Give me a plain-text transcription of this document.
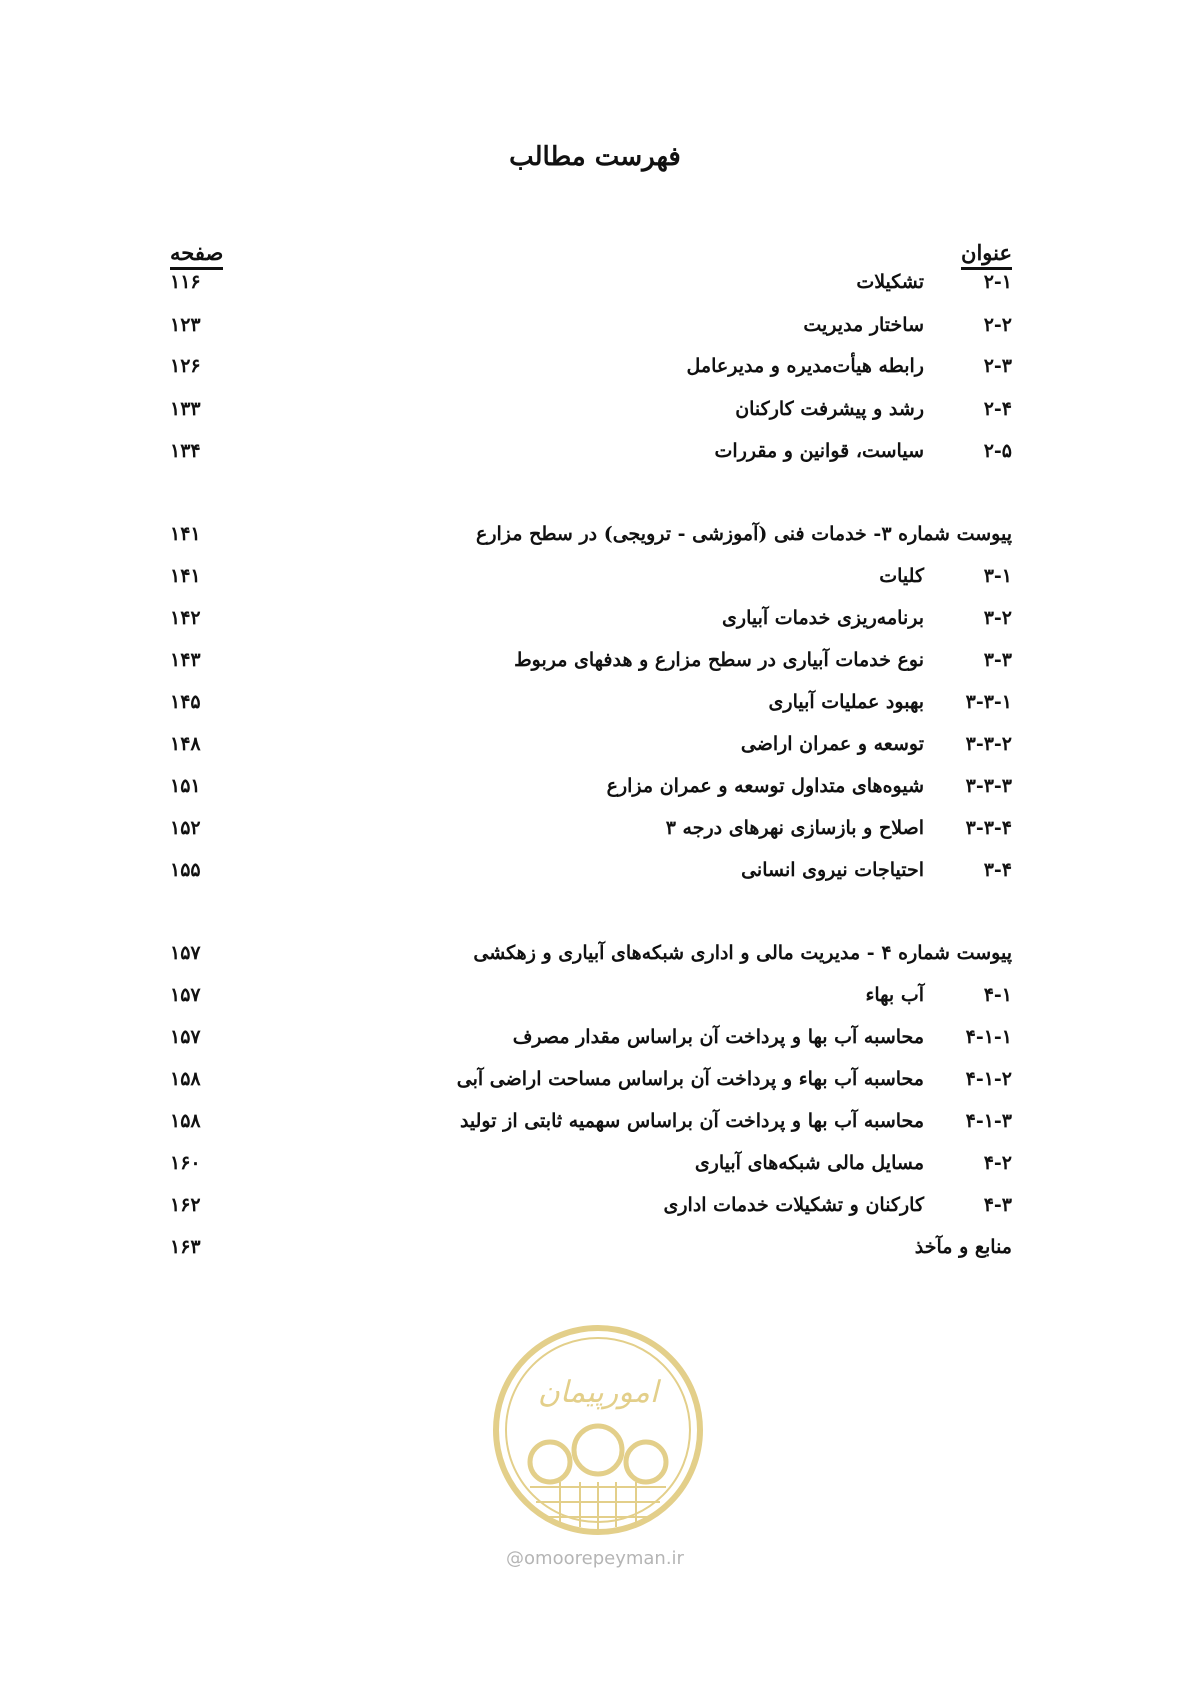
فهرست مطالب
عنوان
صفحه
۲-۱
تشکیلات
۱۱۶
۲-۲
ساختار مدیریت
۱۲۳
۲-۳
رابطه هیأت‌مدیره و مدیرعامل
۱۲۶
۲-۴
رشد و پیشرفت کارکنان
۱۳۳
۲-۵
سیاست، قوانین و مقررات
۱۳۴
پیوست شماره ۳- خدمات فنی (آموزشی - ترویجی) در سطح مزارع
۱۴۱
۳-۱
کلیات
۱۴۱
۳-۲
برنامه‌ریزی خدمات آبیاری
۱۴۲
۳-۳
نوع خدمات آبیاری در سطح مزارع و هدفهای مربوط
۱۴۳
۳-۳-۱
بهبود عملیات آبیاری
۱۴۵
۳-۳-۲
توسعه و عمران اراضی
۱۴۸
۳-۳-۳
شیوه‌های متداول توسعه و عمران مزارع
۱۵۱
۳-۳-۴
اصلاح و بازسازی نهرهای درجه ۳
۱۵۲
۳-۴
احتیاجات نیروی انسانی
۱۵۵
پیوست شماره ۴ - مدیریت مالی و اداری شبکه‌های آبیاری و زهکشی
۱۵۷
۴-۱
آب بهاء
۱۵۷
۴-۱-۱
محاسبه آب بها و پرداخت آن براساس مقدار مصرف
۱۵۷
۴-۱-۲
محاسبه آب بهاء و پرداخت آن براساس مساحت اراضی آبی
۱۵۸
۴-۱-۳
محاسبه آب بها و پرداخت آن براساس سهمیه ثابتی از تولید
۱۵۸
۴-۲
مسایل مالی شبکه‌های آبیاری
۱۶۰
۴-۳
کارکنان و تشکیلات خدمات اداری
۱۶۲
منابع و مآخذ
۱۶۳
امورپیمان
@omoorepeyman.ir
